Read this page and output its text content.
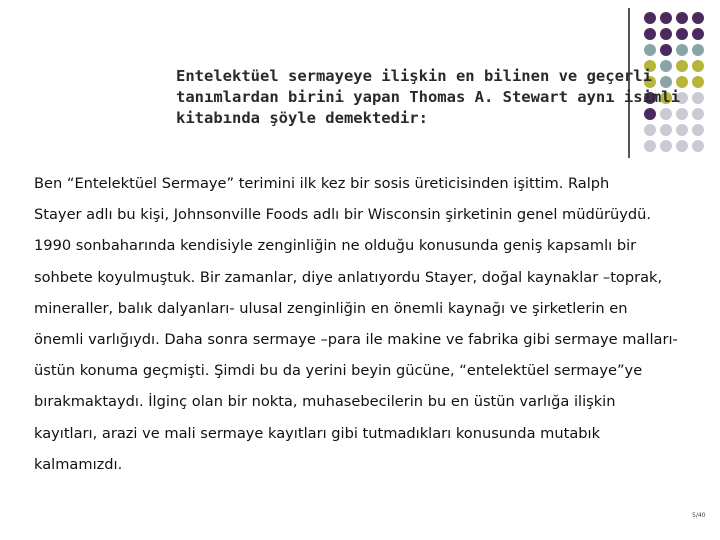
Entelektüel sermayeye ilişkin en bilinen ve geçerli
tanımlardan birini yapan Thomas A. Stewart aynı isimli
kitabında şöyle demektedir:
Ben “Entelektüel Sermaye” terimini ilk kez bir sosis üreticisinden işittim. Ralph
Stayer adlı bu kişi, Johnsonville Foods adlı bir Wisconsin şirketinin genel müdürüydü.
1990 sonbaharında kendisiyle zenginliğin ne olduğu konusunda geniş kapsamlı bir
sohbete koyulmuştuk. Bir zamanlar, diye anlatıyordu Stayer, doğal kaynaklar –toprak,
mineraller, balık dalyanları- ulusal zenginliğin en önemli kaynağı ve şirketlerin en
önemli varlığıydı. Daha sonra sermaye –para ile makine ve fabrika gibi sermaye malları-
üstün konuma geçmişti. Şimdi bu da yerini beyin gücüne, “entelektüel sermaye”ye
bırakmaktaydı. İlginç olan bir nokta, muhasebecilerin bu en üstün varlığa ilişkin
kayıtları, arazi ve mali sermaye kayıtları gibi tutmadıkları konusunda mutabık
kalmamızdı.
5/40
